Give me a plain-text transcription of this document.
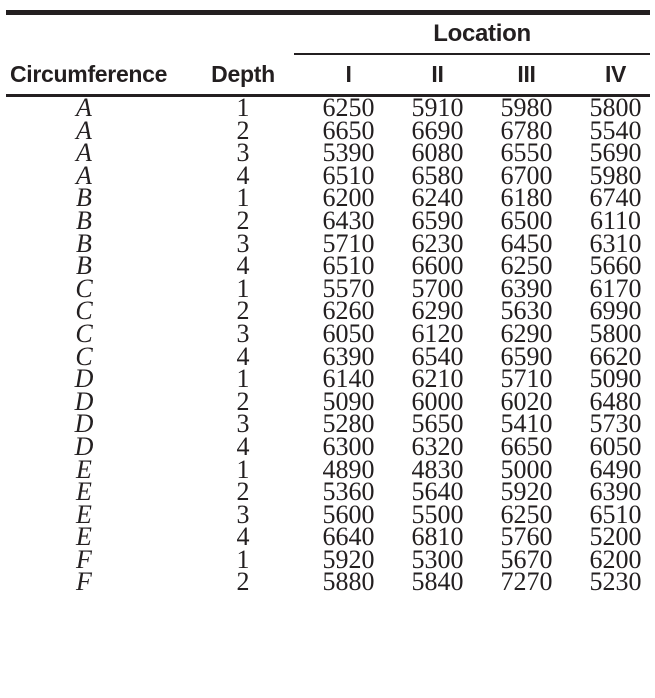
		Location			
Circumference	Depth	I	II	III	IV
A	1	6250	5910	5980	5800
A	2	6650	6690	6780	5540
A	3	5390	6080	6550	5690
A	4	6510	6580	6700	5980
B	1	6200	6240	6180	6740
B	2	6430	6590	6500	6110
B	3	5710	6230	6450	6310
B	4	6510	6600	6250	5660
C	1	5570	5700	6390	6170
C	2	6260	6290	5630	6990
C	3	6050	6120	6290	5800
C	4	6390	6540	6590	6620
D	1	6140	6210	5710	5090
D	2	5090	6000	6020	6480
D	3	5280	5650	5410	5730
D	4	6300	6320	6650	6050
E	1	4890	4830	5000	6490
E	2	5360	5640	5920	6390
E	3	5600	5500	6250	6510
E	4	6640	6810	5760	5200
F	1	5920	5300	5670	6200
F	2	5880	5840	7270	5230
